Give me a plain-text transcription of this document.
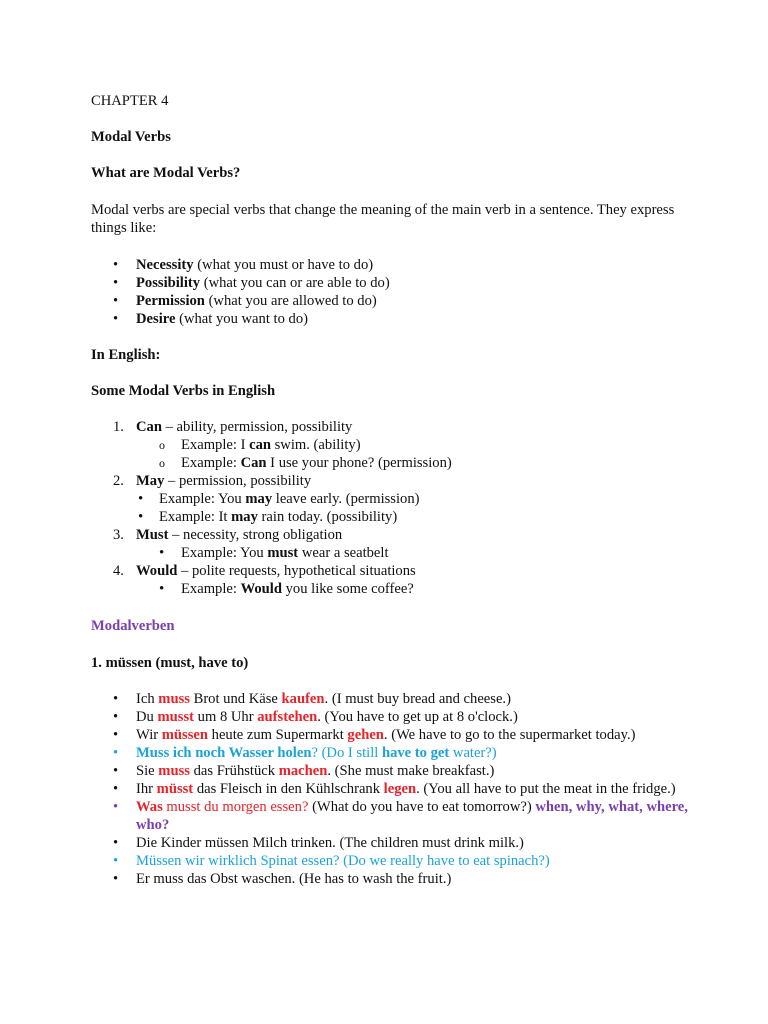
CHAPTER 4

Modal Verbs

What are Modal Verbs?

Modal verbs are special verbs that change the meaning of the main verb in a sentence. They express things like:

• Necessity (what you must or have to do)
• Possibility (what you can or are able to do)
• Permission (what you are allowed to do)
• Desire (what you want to do)

In English:

Some Modal Verbs in English

1. Can – ability, permission, possibility
o Example: I can swim. (ability)
o Example: Can I use your phone? (permission)
2. May – permission, possibility
• Example: You may leave early. (permission)
• Example: It may rain today. (possibility)
3. Must – necessity, strong obligation
• Example: You must wear a seatbelt
4. Would – polite requests, hypothetical situations
• Example: Would you like some coffee?

Modalverben

1. müssen (must, have to)

• Ich muss Brot und Käse kaufen. (I must buy bread and cheese.)
• Du musst um 8 Uhr aufstehen. (You have to get up at 8 o'clock.)
• Wir müssen heute zum Supermarkt gehen. (We have to go to the supermarket today.)
• Muss ich noch Wasser holen? (Do I still have to get water?)
• Sie muss das Frühstück machen. (She must make breakfast.)
• Ihr müsst das Fleisch in den Kühlschrank legen. (You all have to put the meat in the fridge.)
• Was musst du morgen essen? (What do you have to eat tomorrow?) when, why, what, where, who?
• Die Kinder müssen Milch trinken. (The children must drink milk.)
• Müssen wir wirklich Spinat essen? (Do we really have to eat spinach?)
• Er muss das Obst waschen. (He has to wash the fruit.)
